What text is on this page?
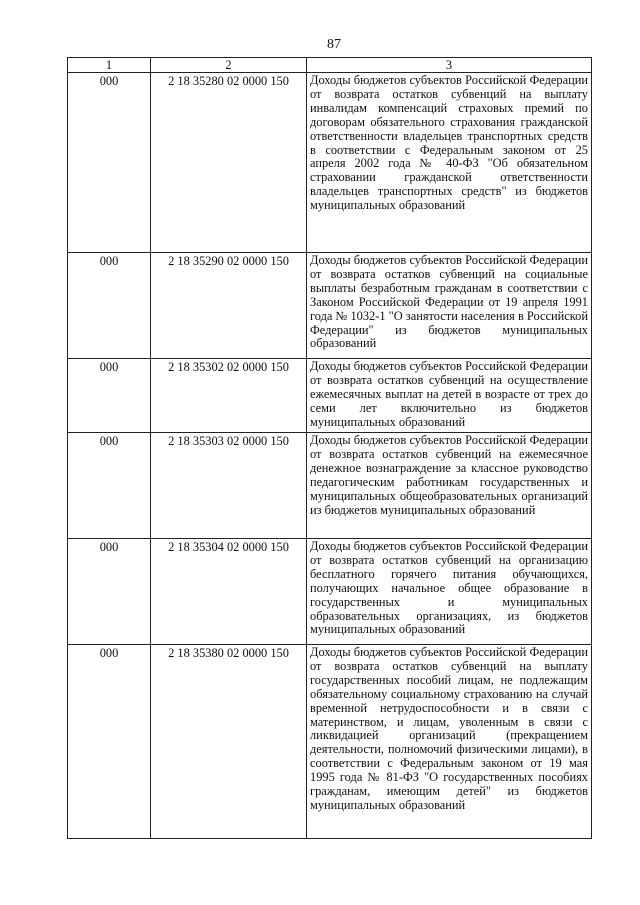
87
1	2	3
000	2 18 35280 02 0000 150	Доходы бюджетов субъектов Российской Федерации от возврата остатков субвенций на выплату инвалидам компенсаций страховых премий по договорам обязательного страхования гражданской ответственности владельцев транспортных средств в соответствии с Федеральным законом от 25 апреля 2002 года № 40-ФЗ "Об обязательном страховании гражданской ответственности владельцев транспортных средств" из бюджетов муниципальных образований
000	2 18 35290 02 0000 150	Доходы бюджетов субъектов Российской Федерации от возврата остатков субвенций на социальные выплаты безработным гражданам в соответствии с Законом Российской Федерации от 19 апреля 1991 года № 1032-1 "О занятости населения в Российской Федерации" из бюджетов муниципальных образований
000	2 18 35302 02 0000 150	Доходы бюджетов субъектов Российской Федерации от возврата остатков субвенций на осуществление ежемесячных выплат на детей в возрасте от трех до семи лет включительно из бюджетов муниципальных образований
000	2 18 35303 02 0000 150	Доходы бюджетов субъектов Российской Федерации от возврата остатков субвенций на ежемесячное денежное вознаграждение за классное руководство педагогическим работникам государственных и муниципальных общеобразовательных организаций из бюджетов муниципальных образований
000	2 18 35304 02 0000 150	Доходы бюджетов субъектов Российской Федерации от возврата остатков субвенций на организацию бесплатного горячего питания обучающихся, получающих начальное общее образование в государственных и муниципальных образовательных организациях, из бюджетов муниципальных образований
000	2 18 35380 02 0000 150	Доходы бюджетов субъектов Российской Федерации от возврата остатков субвенций на выплату государственных пособий лицам, не подлежащим обязательному социальному страхованию на случай временной нетрудоспособности и в связи с материнством, и лицам, уволенным в связи с ликвидацией организаций (прекращением деятельности, полномочий физическими лицами), в соответствии с Федеральным законом от 19 мая 1995 года № 81-ФЗ "О государственных пособиях гражданам, имеющим детей" из бюджетов муниципальных образований
